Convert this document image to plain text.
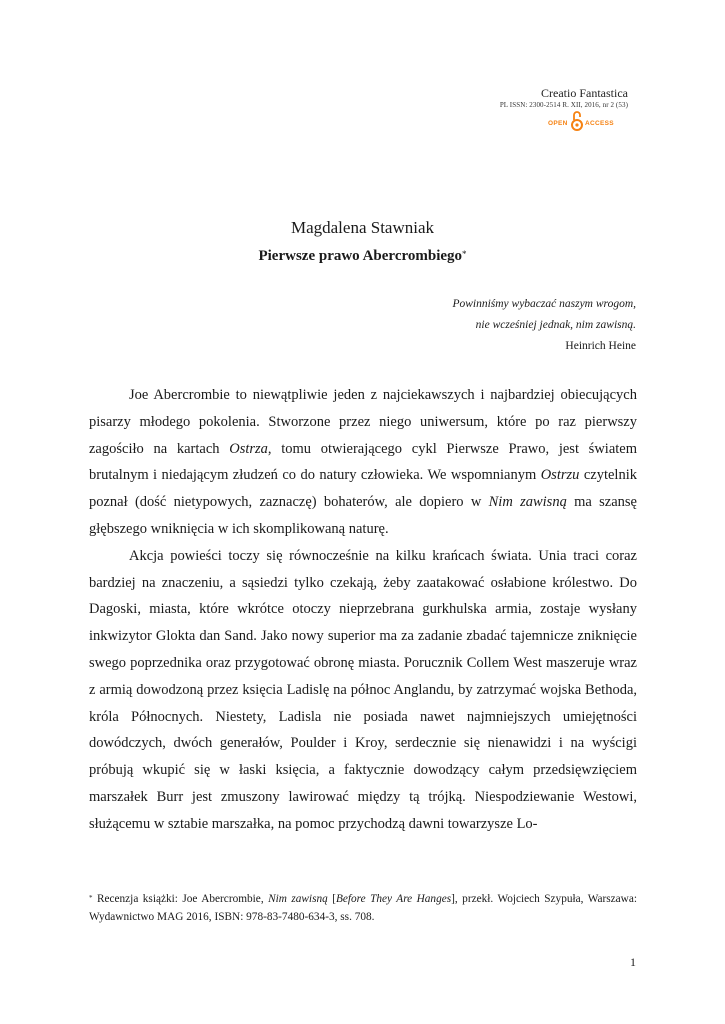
Creatio Fantastica
PL ISSN: 2300-2514 R. XII, 2016, nr 2 (53)
OPEN	ACCESS
Magdalena Stawniak
Pierwsze prawo Abercrombiego*
Powinniśmy wybaczać naszym wrogom,
nie wcześniej jednak, nim zawisną.
Heinrich Heine

Joe Abercrombie to niewątpliwie jeden z najciekawszych i najbardziej obiecujących pisarzy młodego pokolenia. Stworzone przez niego uniwersum, które po raz pierwszy zagościło na kartach Ostrza, tomu otwierającego cykl Pierwsze Prawo, jest światem brutalnym i niedającym złudzeń co do natury człowieka. We wspomnianym Ostrzu czytelnik poznał (dość nietypowych, zaznaczę) bohaterów, ale dopiero w Nim zawisną ma szansę głębszego wniknięcia w ich skomplikowaną naturę.

Akcja powieści toczy się równocześnie na kilku krańcach świata. Unia traci coraz bardziej na znaczeniu, a sąsiedzi tylko czekają, żeby zaatakować osłabione królestwo. Do Dagoski, miasta, które wkrótce otoczy nieprzebrana gurkhulska armia, zostaje wysłany inkwizytor Glokta dan Sand. Jako nowy superior ma za zadanie zbadać tajemnicze zniknięcie swego poprzednika oraz przygotować obronę miasta. Porucznik Collem West maszeruje wraz z armią dowodzoną przez księcia Ladislę na północ Anglandu, by zatrzymać wojska Bethoda, króla Północnych. Niestety, Ladisla nie posiada nawet najmniejszych umiejętności dowódczych, dwóch generałów, Poulder i Kroy, serdecznie się nienawidzi i na wyścigi próbują wkupić się w łaski księcia, a faktycznie dowodzący całym przedsięwzięciem marszałek Burr jest zmuszony lawirować między tą trójką. Niespodziewanie Westowi, służącemu w sztabie marszałka, na pomoc przychodzą dawni towarzysze Lo-

* Recenzja książki: Joe Abercrombie, Nim zawisną [Before They Are Hanges], przekł. Wojciech Szypuła, Warszawa: Wydawnictwo MAG 2016, ISBN: 978-83-7480-634-3, ss. 708.
1
